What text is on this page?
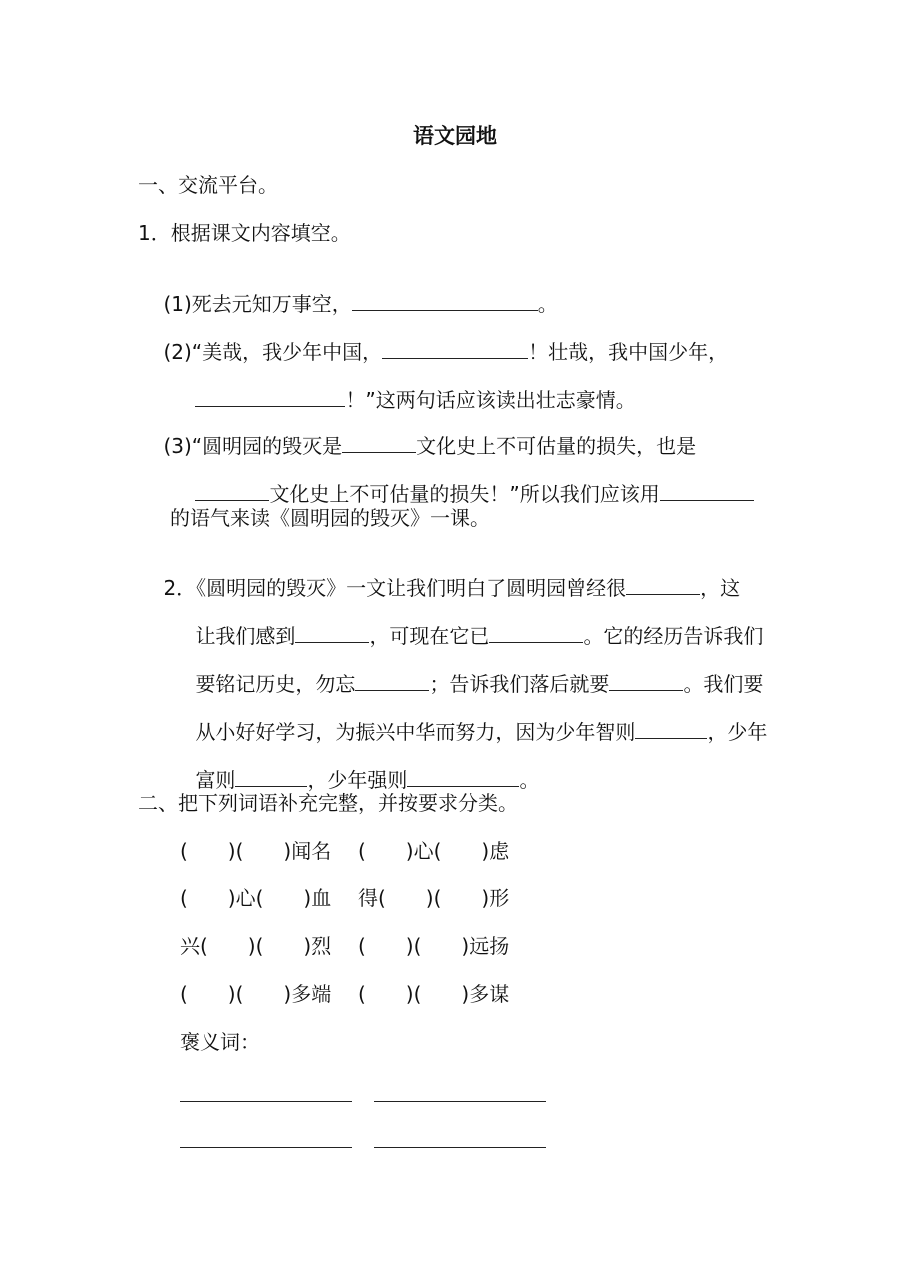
语文园地
一、交流平台。
1．根据课文内容填空。

(1)死去元知万事空，	。

(2)“美哉，我少年中国，	！壮哉，我中国少年，

！”这两句话应该读出壮志豪情。

(3)“圆明园的毁灭是	文化史上不可估量的损失，也是

文化史上不可估量的损失！”所以我们应该用

的语气来读《圆明园的毁灭》一课。

2．《圆明园的毁灭》一文让我们明白了圆明园曾经很	，这

让我们感到	，可现在它已	。它的经历告诉我们

要铭记历史，勿忘	；告诉我们落后就要	。我们要

从小好好学习，为振兴中华而努力，因为少年智则	，少年

富则	，少年强则	。

二、把下列词语补充完整，并按要求分类。
(　　)(　　)闻名 (　　)心(　　)虑
(　　)心(　　)血 得(　　)(　　)形
兴(　　)(　　)烈 (　　)(　　)远扬
(　　)(　　)多端 (　　)(　　)多谋
褒义词：
